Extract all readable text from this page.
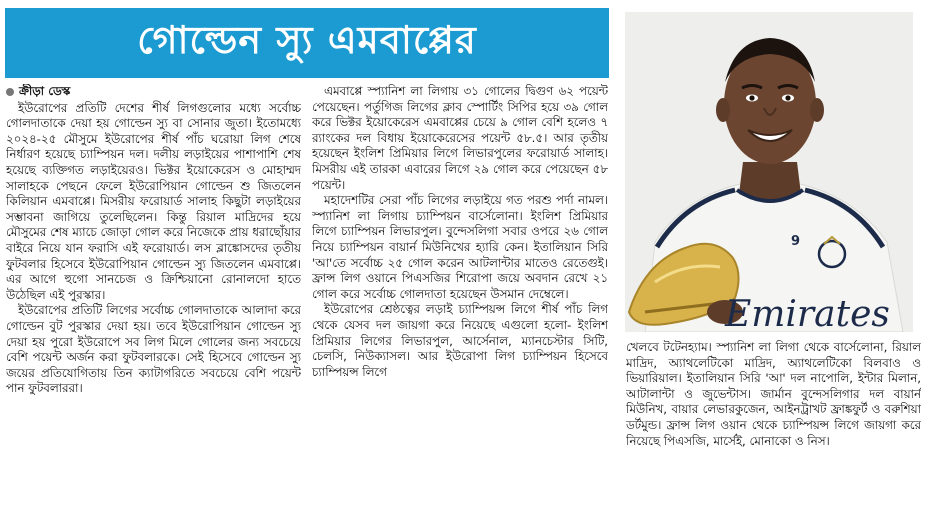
গোল্ডেন স্যু এমবাপ্পের
ক্রীড়া ডেস্ক

ইউরোপের প্রতিটি দেশের শীর্ষ লিগগুলোর মধ্যে সর্বোচ্চ গোলদাতাকে দেয়া হয় গোল্ডেন স্যু বা সোনার জুতা। ইতোমধ্যে ২০২৪-২৫ মৌসুমে ইউরোপের শীর্ষ পাঁচ ঘরোয়া লিগ শেষে নির্ধারণ হয়েছে চ্যাম্পিয়ন দল। দলীয় লড়াইয়ের পাশাপাশি শেষ হয়েছে ব্যক্তিগত লড়াইয়েরও। ভিক্টর ইয়োকেরেস ও মোহাম্মদ সালাহকে পেছনে ফেলে ইউরোপিয়ান গোল্ডেন শু জিতলেন কিলিয়ান এমবাপ্পে। মিসরীয় ফরোয়ার্ড সালাহ কিছুটা লড়াইয়ের সম্ভাবনা জাগিয়ে তুলেছিলেন। কিন্তু রিয়াল মাদ্রিদের হয়ে মৌসুমের শেষ ম্যাচে জোড়া গোল করে নিজেকে প্রায় ধরাছোঁয়ার বাইরে নিয়ে যান ফরাসি এই ফরোয়ার্ড। লস ব্লাঙ্কোসদের তৃতীয় ফুটবলার হিসেবে ইউরোপিয়ান গোল্ডেন স্যু জিতলেন এমবাপ্পে। এর আগে হুগো সানচেজ ও ক্রিশ্চিয়ানো রোনালদো হাতে উঠেছিল এই পুরস্কার।

ইউরোপের প্রতিটি লিগের সর্বোচ্চ গোলদাতাকে আলাদা করে গোল্ডেন বুট পুরস্কার দেয়া হয়। তবে ইউরোপিয়ান গোল্ডেন স্যু দেয়া হয় পুরো ইউরোপে সব লিগ মিলে গোলের জন্য সবচেয়ে বেশি পয়েন্ট অর্জন করা ফুটবলারকে। সেই হিসেবে গোল্ডেন স্যু জয়ের প্রতিযোগিতায় তিন ক্যাটাগরিতে সবচেয়ে বেশি পয়েন্ট পান ফুটবলাররা।

এমবাপ্পে স্প্যানিশ লা লিগায় ৩১ গোলের দ্বিগুণ ৬২ পয়েন্ট পেয়েছেন। পর্তুগিজ লিগের ক্লাব স্পোর্টিং সিপির হয়ে ৩৯ গোল করে ভিক্টর ইয়োকেরেস এমবাপ্পের চেয়ে ৯ গোল বেশি হলেও ৭ র‍্যাংকের দল বিধায় ইয়োকেরেসের পয়েন্ট ৫৮.৫। আর তৃতীয় হয়েছেন ইংলিশ প্রিমিয়ার লিগে লিভারপুলের ফরোয়ার্ড সালাহ। মিসরীয় এই তারকা এবারের লিগে ২৯ গোল করে পেয়েছেন ৫৮ পয়েন্ট।

মহাদেশটির সেরা পাঁচ লিগের লড়াইয়ে গত পরশু পর্দা নামল। স্প্যানিশ লা লিগায় চ্যাম্পিয়ন বার্সেলোনা। ইংলিশ প্রিমিয়ার লিগে চ্যাম্পিয়ন লিভারপুল। বুন্দেসলিগা সবার ওপরে ২৬ গোল নিয়ে চ্যাম্পিয়ন বায়ার্ন মিউনিখের হ্যারি কেন। ইতালিয়ান সিরি 'আ'তে সর্বোচ্চ ২৫ গোল করেন আটলান্টার মাতেও রেতেগুই। ফ্রান্স লিগ ওয়ানে পিএসজির শিরোপা জয়ে অবদান রেখে ২১ গোল করে সর্বোচ্চ গোলদাতা হয়েছেন উসমান দেম্বেলে।

ইউরোপের শ্রেষ্ঠত্বের লড়াই চ্যাম্পিয়ন্স লিগে শীর্ষ পাঁচ লিগ থেকে যেসব দল জায়গা করে নিয়েছে এগুলো হলো- ইংলিশ প্রিমিয়ার লিগের লিভারপুল, আর্সেনাল, ম্যানচেস্টার সিটি, চেলসি, নিউক্যাসল। আর ইউরোপা লিগ চ্যাম্পিয়ন হিসেবে চ্যাম্পিয়ন্স লিগে

9
Emirates

খেলবে টটেনহ্যাম। স্প্যানিশ লা লিগা থেকে বার্সেলোনা, রিয়াল মাদ্রিদ, অ্যাথলেটিকো মাদ্রিদ, অ্যাথলেটিকো বিলবাও ও ভিয়ারিয়াল। ইতালিয়ান সিরি 'আ' দল নাপোলি, ইন্টার মিলান, আটালান্টা ও জুভেন্টাস। জার্মান বুন্দেসলিগার দল বায়ার্ন মিউনিখ, বায়ার লেভারকুজেন, আইনট্রাখট ফ্রাঙ্কফুর্ট ও বরুশিয়া ডর্টমুন্ড। ফ্রান্স লিগ ওয়ান থেকে চ্যাম্পিয়ন্স লিগে জায়গা করে নিয়েছে পিএসজি, মার্সেই, মোনাকো ও নিস।
